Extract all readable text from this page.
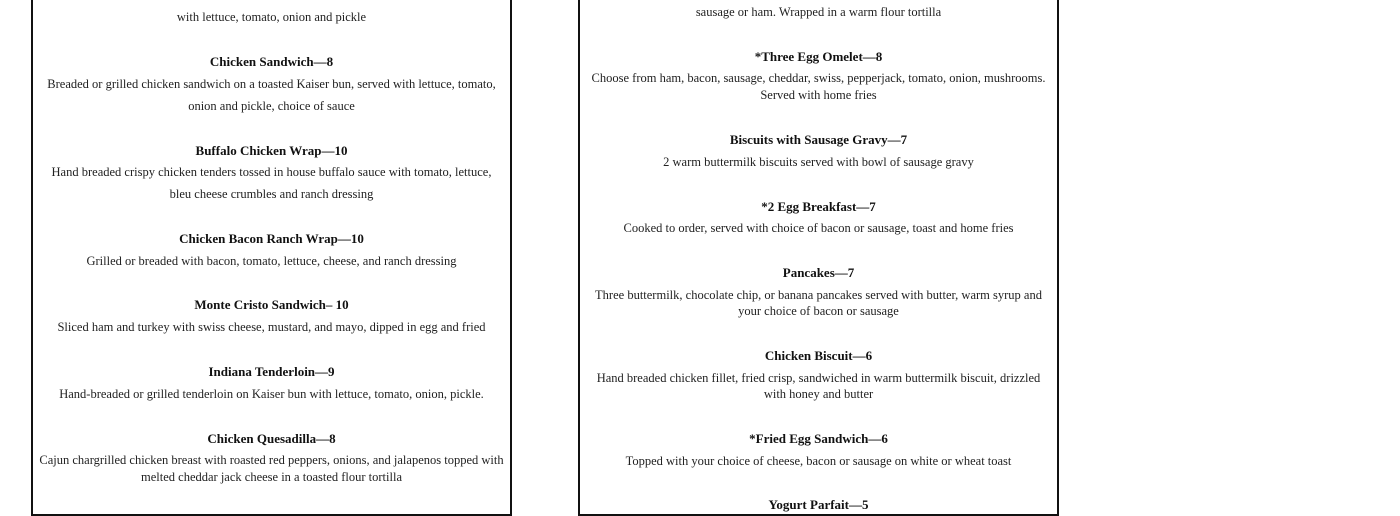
with lettuce, tomato, onion and pickle
Chicken Sandwich—8
Breaded or grilled chicken sandwich on a toasted Kaiser bun, served with lettuce, tomato,
onion and pickle, choice of sauce
Buffalo Chicken Wrap—10
Hand breaded crispy chicken tenders tossed in house buffalo sauce with tomato, lettuce,
bleu cheese crumbles and ranch dressing
Chicken Bacon Ranch Wrap—10
Grilled or breaded with bacon, tomato, lettuce, cheese, and ranch dressing
Monte Cristo Sandwich– 10
Sliced ham and turkey with swiss cheese, mustard, and mayo, dipped in egg and fried
Indiana Tenderloin—9
Hand-breaded or grilled tenderloin on Kaiser bun with lettuce, tomato, onion, pickle.
Chicken Quesadilla—8
Cajun chargrilled chicken breast with roasted red peppers, onions, and jalapenos topped with
melted cheddar jack cheese in a toasted flour tortilla
sausage or ham. Wrapped in a warm flour tortilla
*Three Egg Omelet—8
Choose from ham, bacon, sausage, cheddar, swiss, pepperjack, tomato, onion, mushrooms.
Served with home fries
Biscuits with Sausage Gravy—7
2 warm buttermilk biscuits served with bowl of sausage gravy
*2 Egg Breakfast—7
Cooked to order, served with choice of bacon or sausage, toast and home fries
Pancakes—7
Three buttermilk, chocolate chip, or banana pancakes served with butter, warm syrup and
your choice of bacon or sausage
Chicken Biscuit—6
Hand breaded chicken fillet, fried crisp, sandwiched in warm buttermilk biscuit, drizzled
with honey and butter
*Fried Egg Sandwich—6
Topped with your choice of cheese, bacon or sausage on white or wheat toast
Yogurt Parfait—5
